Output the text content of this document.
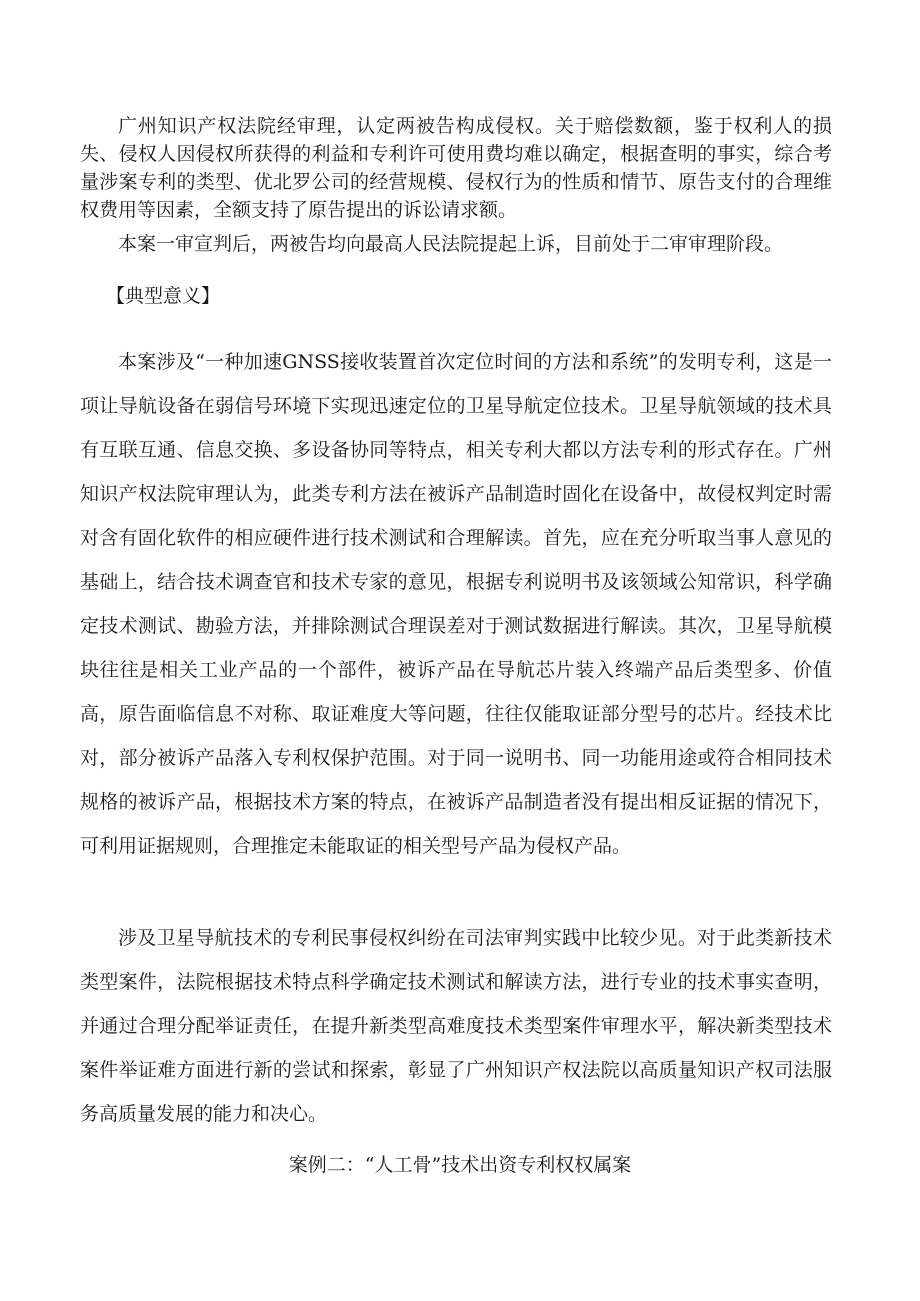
广州知识产权法院经审理，认定两被告构成侵权。关于赔偿数额，鉴于权利人的损失、侵权人因侵权所获得的利益和专利许可使用费均难以确定，根据查明的事实，综合考量涉案专利的类型、优北罗公司的经营规模、侵权行为的性质和情节、原告支付的合理维权费用等因素，全额支持了原告提出的诉讼请求额。

本案一审宣判后，两被告均向最高人民法院提起上诉，目前处于二审审理阶段。

【典型意义】

本案涉及“一种加速GNSS接收装置首次定位时间的方法和系统”的发明专利，这是一项让导航设备在弱信号环境下实现迅速定位的卫星导航定位技术。卫星导航领域的技术具有互联互通、信息交换、多设备协同等特点，相关专利大都以方法专利的形式存在。广州知识产权法院审理认为，此类专利方法在被诉产品制造时固化在设备中，故侵权判定时需对含有固化软件的相应硬件进行技术测试和合理解读。首先，应在充分听取当事人意见的基础上，结合技术调查官和技术专家的意见，根据专利说明书及该领域公知常识，科学确定技术测试、勘验方法，并排除测试合理误差对于测试数据进行解读。其次，卫星导航模块往往是相关工业产品的一个部件，被诉产品在导航芯片装入终端产品后类型多、价值高，原告面临信息不对称、取证难度大等问题，往往仅能取证部分型号的芯片。经技术比对，部分被诉产品落入专利权保护范围。对于同一说明书、同一功能用途或符合相同技术规格的被诉产品，根据技术方案的特点，在被诉产品制造者没有提出相反证据的情况下，可利用证据规则，合理推定未能取证的相关型号产品为侵权产品。

涉及卫星导航技术的专利民事侵权纠纷在司法审判实践中比较少见。对于此类新技术类型案件，法院根据技术特点科学确定技术测试和解读方法，进行专业的技术事实查明，并通过合理分配举证责任，在提升新类型高难度技术类型案件审理水平，解决新类型技术案件举证难方面进行新的尝试和探索，彰显了广州知识产权法院以高质量知识产权司法服务高质量发展的能力和决心。

案例二：“人工骨”技术出资专利权权属案
